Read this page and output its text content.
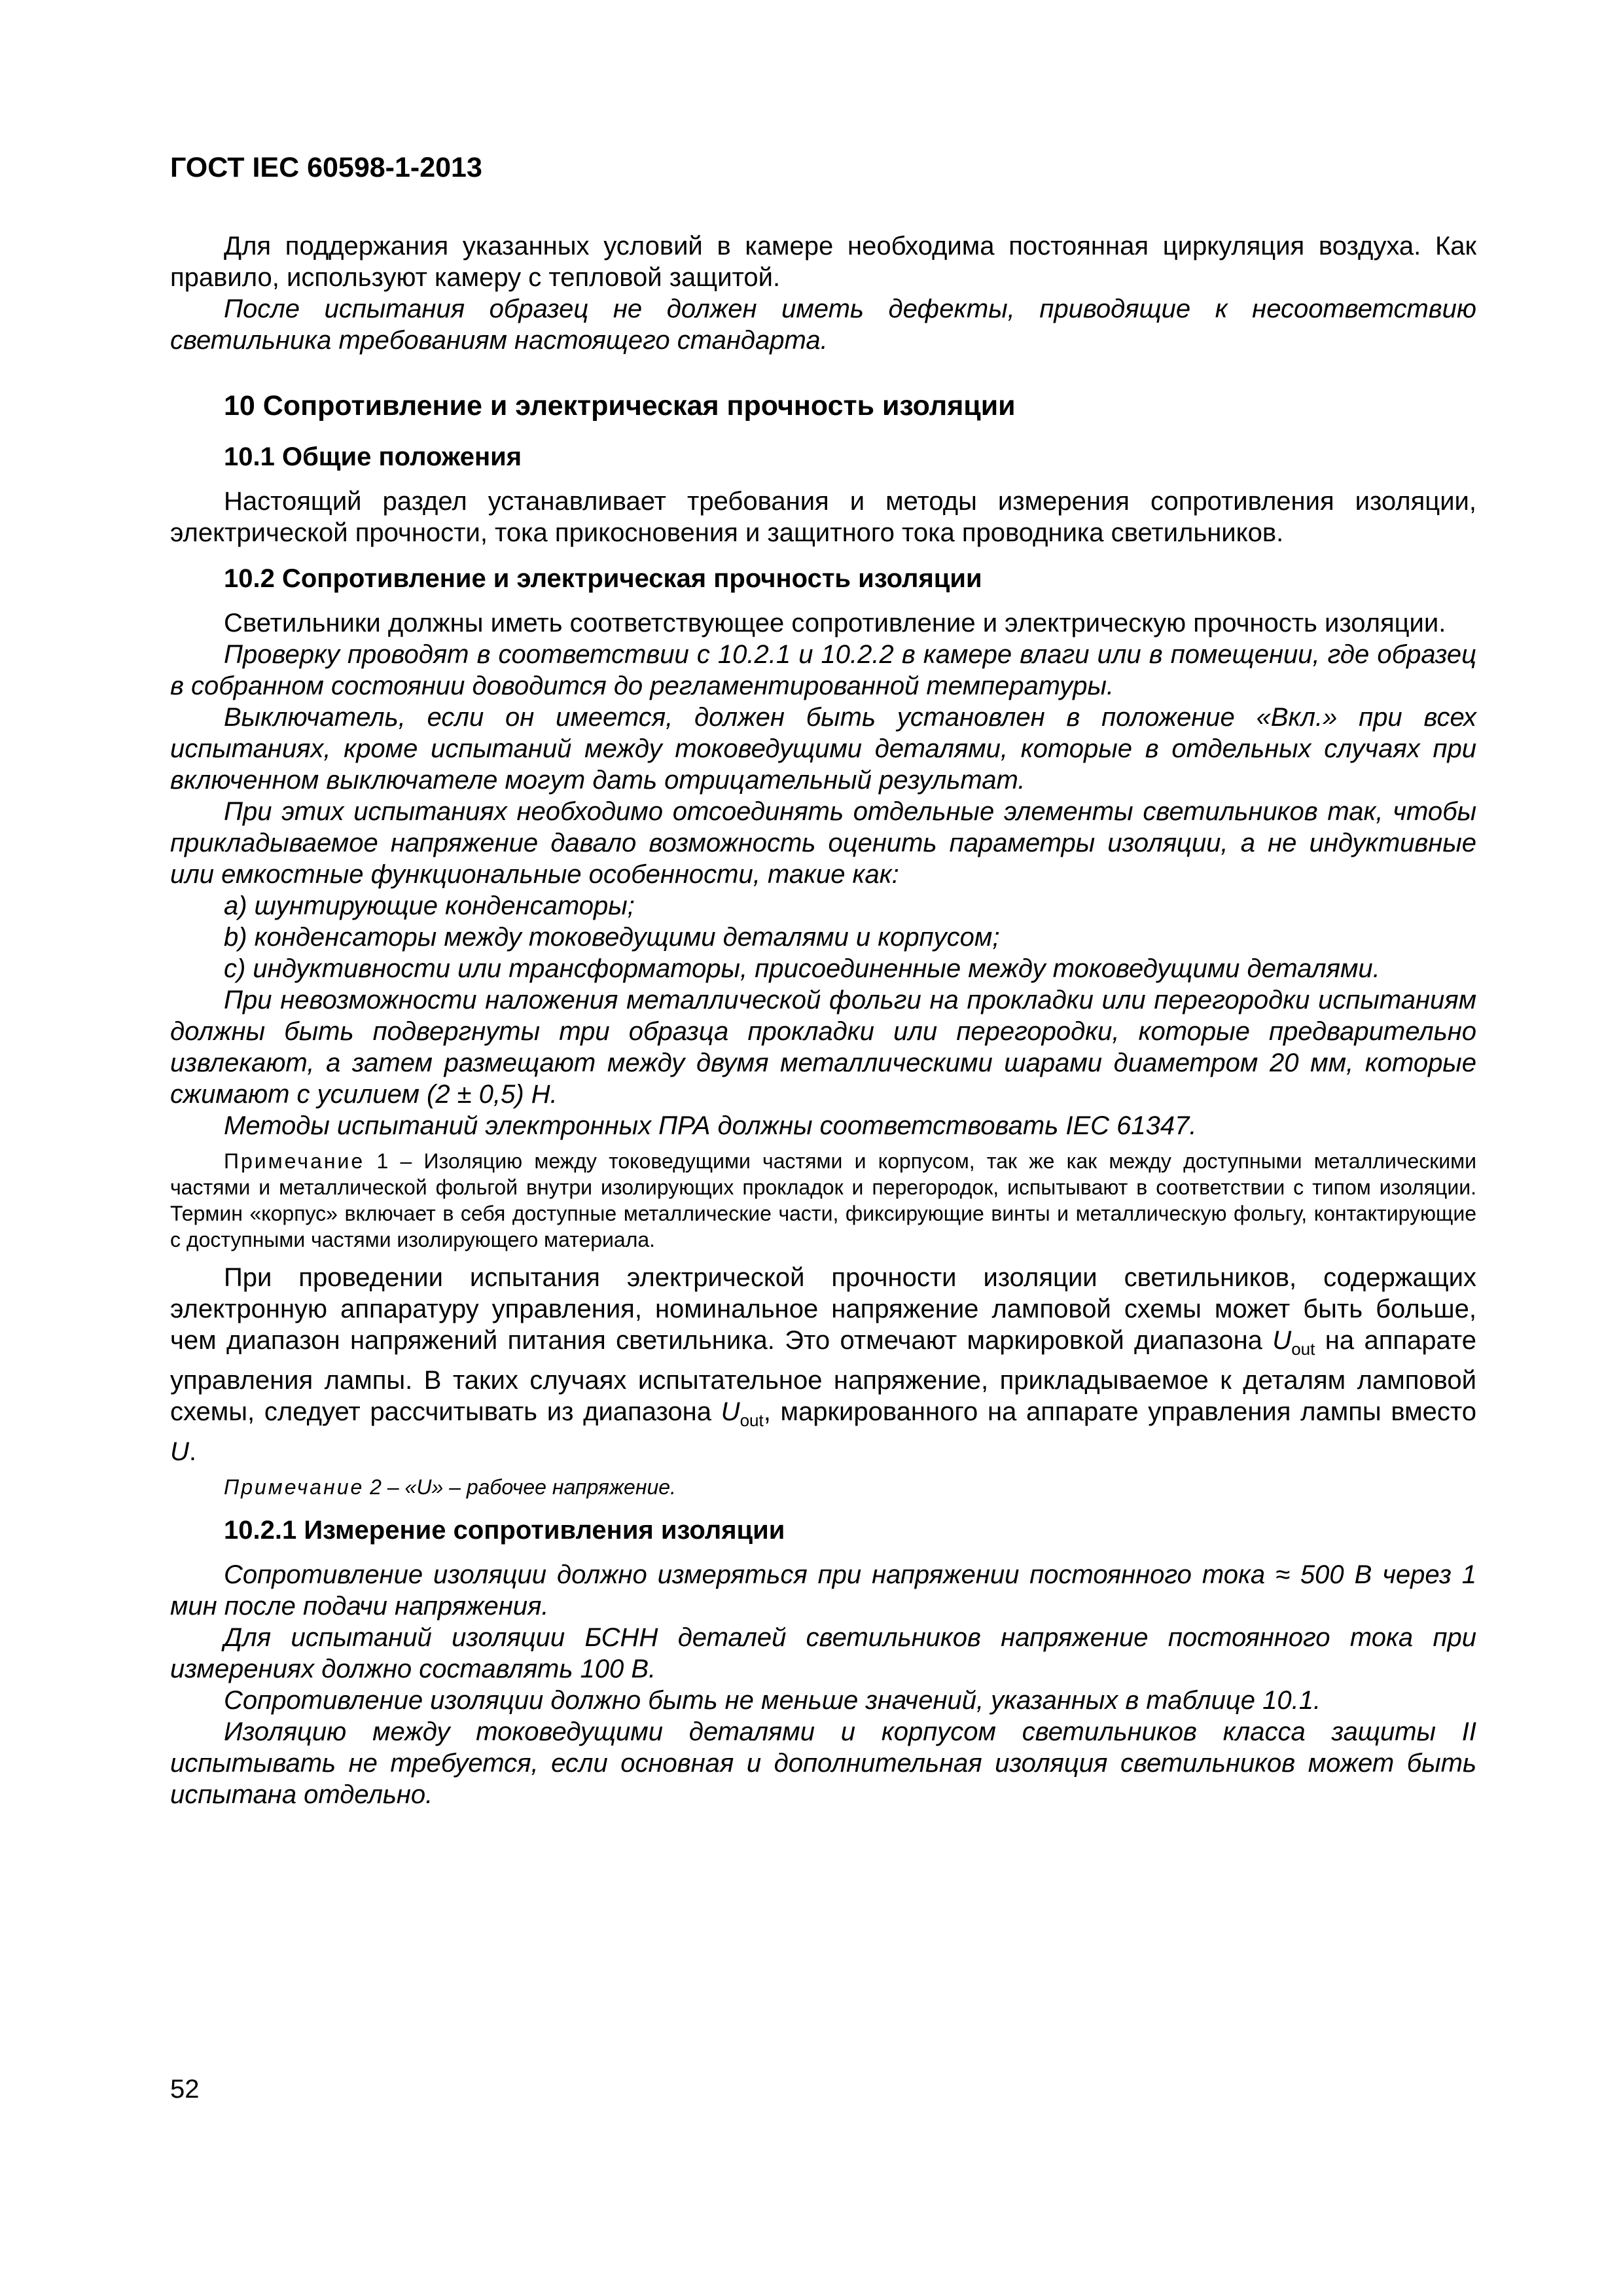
ГОСТ IEC 60598-1-2013

Для поддержания указанных условий в камере необходима постоянная циркуляция воздуха. Как правило, используют камеру с тепловой защитой.

После испытания образец не должен иметь дефекты, приводящие к несоответствию светильника требованиям настоящего стандарта.

10 Сопротивление и электрическая прочность изоляции
10.1 Общие положения

Настоящий раздел устанавливает требования и методы измерения сопротивления изоляции, электрической прочности, тока прикосновения и защитного тока проводника светильников.

10.2 Сопротивление и электрическая прочность изоляции

Светильники должны иметь соответствующее сопротивление и электрическую прочность изоляции.

Проверку проводят в соответствии с 10.2.1 и 10.2.2 в камере влаги или в помещении, где образец в собранном состоянии доводится до регламентированной температуры.

Выключатель, если он имеется, должен быть установлен в положение «Вкл.» при всех испытаниях, кроме испытаний между токоведущими деталями, которые в отдельных случаях при включенном выключателе могут дать отрицательный результат.

При этих испытаниях необходимо отсоединять отдельные элементы светильников так, чтобы прикладываемое напряжение давало возможность оценить параметры изоляции, а не индуктивные или емкостные функциональные особенности, такие как:

a) шунтирующие конденсаторы;

b) конденсаторы между токоведущими деталями и корпусом;

c) индуктивности или трансформаторы, присоединенные между токоведущими деталями.

При невозможности наложения металлической фольги на прокладки или перегородки испытаниям должны быть подвергнуты три образца прокладки или перегородки, которые предварительно извлекают, а затем размещают между двумя металлическими шарами диаметром 20 мм, которые сжимают с усилием (2 ± 0,5) Н.

Методы испытаний электронных ПРА должны соответствовать IEC 61347.

Примечание 1 – Изоляцию между токоведущими частями и корпусом, так же как между доступными металлическими частями и металлической фольгой внутри изолирующих прокладок и перегородок, испытывают в соответствии с типом изоляции. Термин «корпус» включает в себя доступные металлические части, фиксирующие винты и металлическую фольгу, контактирующие с доступными частями изолирующего материала.

При проведении испытания электрической прочности изоляции светильников, содержащих электронную аппаратуру управления, номинальное напряжение ламповой схемы может быть больше, чем диапазон напряжений питания светильника. Это отмечают маркировкой диапазона $U_{out}$ на аппарате управления лампы. В таких случаях испытательное напряжение, прикладываемое к деталям ламповой схемы, следует рассчитывать из диапазона $U_{out}$, маркированного на аппарате управления лампы вместо U.

Примечание 2 – «U» – рабочее напряжение.

10.2.1 Измерение сопротивления изоляции

Сопротивление изоляции должно измеряться при напряжении постоянного тока ≈ 500 В через 1 мин после подачи напряжения.

Для испытаний изоляции БСНН деталей светильников напряжение постоянного тока при измерениях должно составлять 100 В.

Сопротивление изоляции должно быть не меньше значений, указанных в таблице 10.1.

Изоляцию между токоведущими деталями и корпусом светильников класса защиты II испытывать не требуется, если основная и дополнительная изоляция светильников может быть испытана отдельно.

52
